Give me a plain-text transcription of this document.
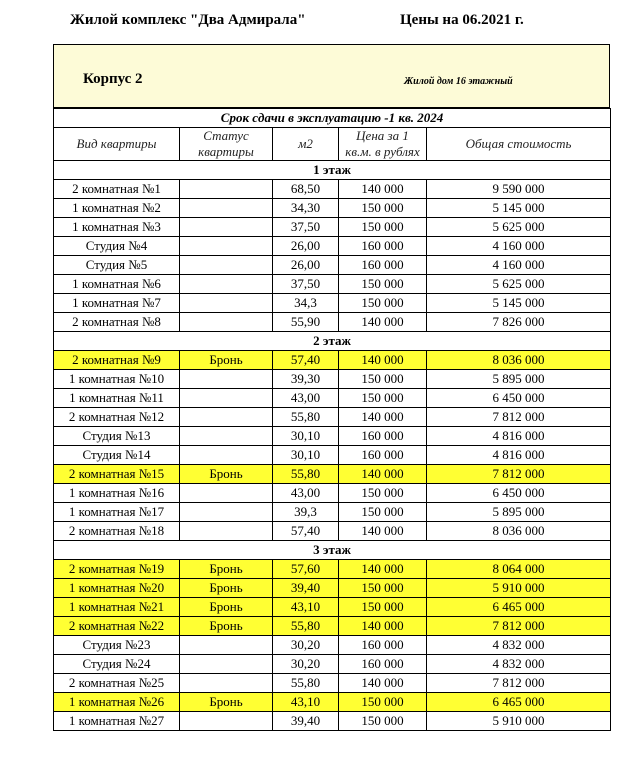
Жилой комплекс "Два Адмирала"	Цены на 06.2021 г.
Корпус 2	Жилой дом 16 этажный
Срок сдачи в эксплуатацию -1 кв. 2024				
Вид квартиры	Статус квартиры	м2	Цена за 1 кв.м. в рублях	Общая стоимость
1 этаж				
2 комнатная №1		68,50	140 000	9 590 000
1 комнатная №2		34,30	150 000	5 145 000
1 комнатная №3		37,50	150 000	5 625 000
Студия №4		26,00	160 000	4 160 000
Студия №5		26,00	160 000	4 160 000
1 комнатная №6		37,50	150 000	5 625 000
1 комнатная №7		34,3	150 000	5 145 000
2 комнатная №8		55,90	140 000	7 826 000
2 этаж				
2 комнатная №9	Бронь	57,40	140 000	8 036 000
1 комнатная №10		39,30	150 000	5 895 000
1 комнатная №11		43,00	150 000	6 450 000
2 комнатная №12		55,80	140 000	7 812 000
Студия №13		30,10	160 000	4 816 000
Студия №14		30,10	160 000	4 816 000
2 комнатная №15	Бронь	55,80	140 000	7 812 000
1 комнатная №16		43,00	150 000	6 450 000
1 комнатная №17		39,3	150 000	5 895 000
2 комнатная №18		57,40	140 000	8 036 000
3 этаж				
2 комнатная №19	Бронь	57,60	140 000	8 064 000
1 комнатная №20	Бронь	39,40	150 000	5 910 000
1 комнатная №21	Бронь	43,10	150 000	6 465 000
2 комнатная №22	Бронь	55,80	140 000	7 812 000
Студия №23		30,20	160 000	4 832 000
Студия №24		30,20	160 000	4 832 000
2 комнатная №25		55,80	140 000	7 812 000
1 комнатная №26	Бронь	43,10	150 000	6 465 000
1 комнатная №27		39,40	150 000	5 910 000
